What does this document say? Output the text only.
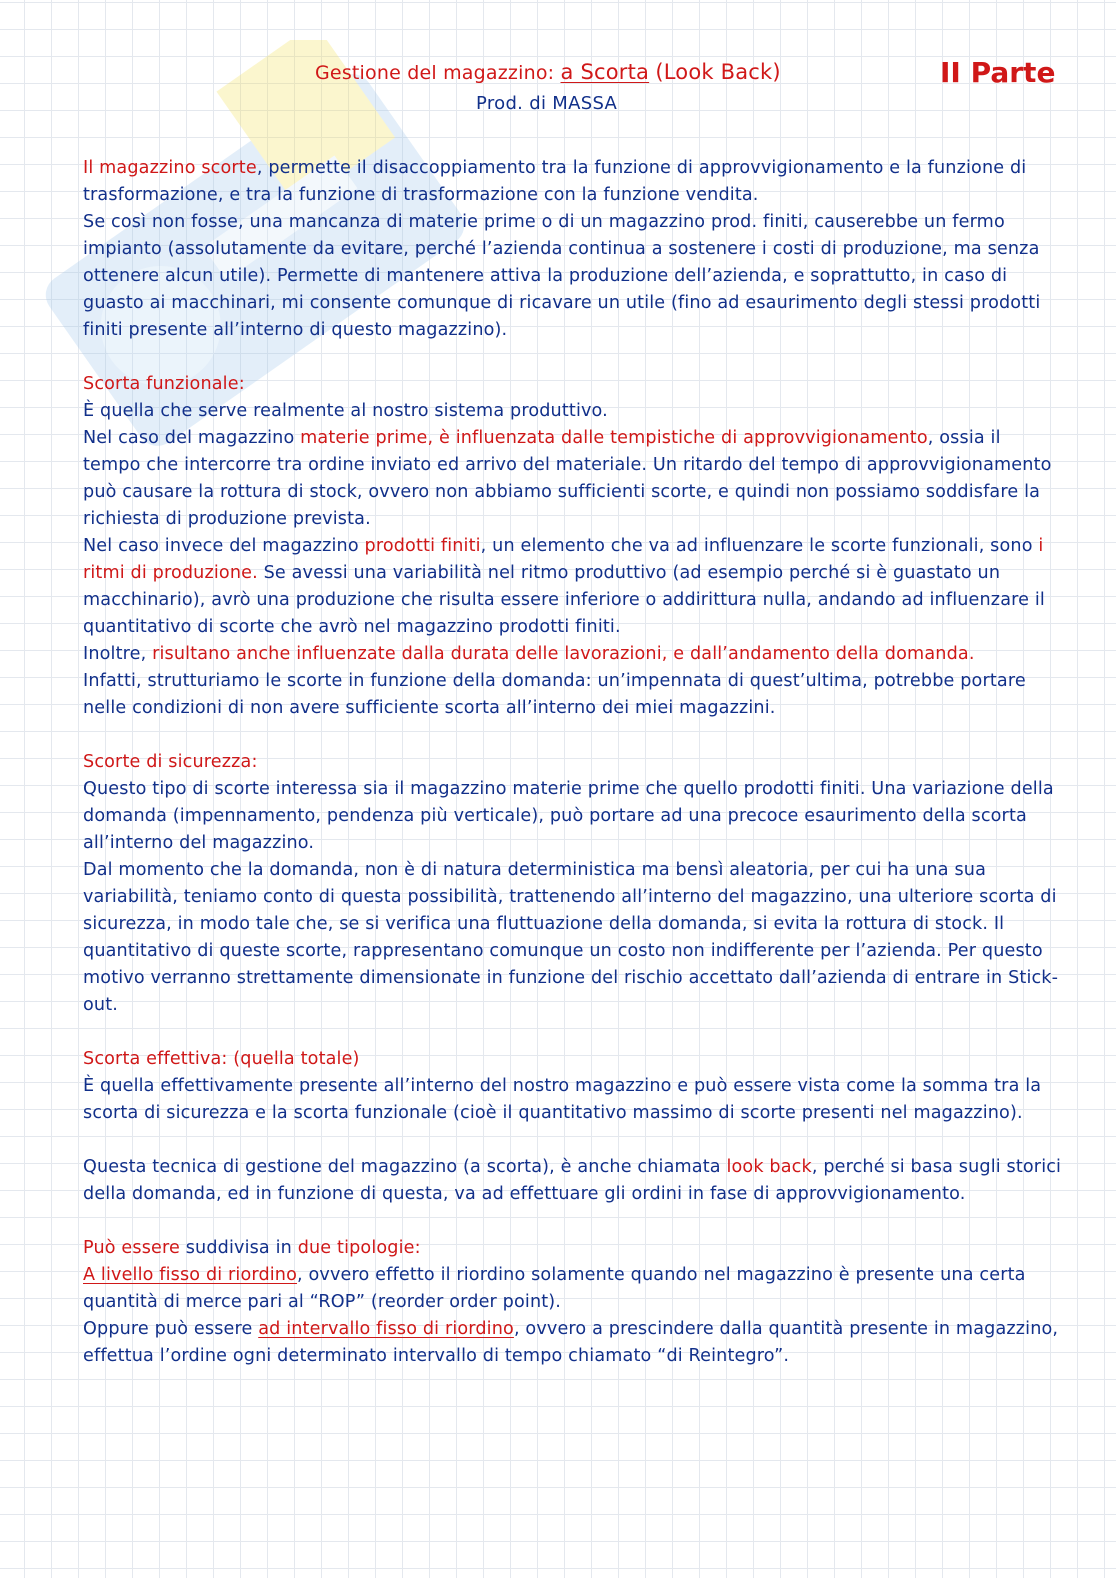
Gestione del magazzino: a Scorta (Look Back)
Prod. di MASSA
II Parte

Il magazzino scorte, permette il disaccoppiamento tra la funzione di approvvigionamento e la funzione di trasformazione, e tra la funzione di trasformazione con la funzione vendita.

Se così non fosse, una mancanza di materie prime o di un magazzino prod. finiti, causerebbe un fermo impianto (assolutamente da evitare, perché l’azienda continua a sostenere i costi di produzione, ma senza ottenere alcun utile). Permette di mantenere attiva la produzione dell’azienda, e soprattutto, in caso di guasto ai macchinari, mi consente comunque di ricavare un utile (fino ad esaurimento degli stessi prodotti finiti presente all’interno di questo magazzino).

Scorta funzionale:

È quella che serve realmente al nostro sistema produttivo.

Nel caso del magazzino materie prime, è influenzata dalle tempistiche di approvvigionamento, ossia il tempo che intercorre tra ordine inviato ed arrivo del materiale. Un ritardo del tempo di approvvigionamento può causare la rottura di stock, ovvero non abbiamo sufficienti scorte, e quindi non possiamo soddisfare la richiesta di produzione prevista.

Nel caso invece del magazzino prodotti finiti, un elemento che va ad influenzare le scorte funzionali, sono i ritmi di produzione. Se avessi una variabilità nel ritmo produttivo (ad esempio perché si è guastato un macchinario), avrò una produzione che risulta essere inferiore o addirittura nulla, andando ad influenzare il quantitativo di scorte che avrò nel magazzino prodotti finiti.

Inoltre, risultano anche influenzate dalla durata delle lavorazioni, e dall’andamento della domanda.

Infatti, strutturiamo le scorte in funzione della domanda: un’impennata di quest’ultima, potrebbe portare nelle condizioni di non avere sufficiente scorta all’interno dei miei magazzini.

Scorte di sicurezza:

Questo tipo di scorte interessa sia il magazzino materie prime che quello prodotti finiti. Una variazione della domanda (impennamento, pendenza più verticale), può portare ad una precoce esaurimento della scorta all’interno del magazzino.

Dal momento che la domanda, non è di natura deterministica ma bensì aleatoria, per cui ha una sua variabilità, teniamo conto di questa possibilità, trattenendo all’interno del magazzino, una ulteriore scorta di sicurezza, in modo tale che, se si verifica una fluttuazione della domanda, si evita la rottura di stock. Il quantitativo di queste scorte, rappresentano comunque un costo non indifferente per l’azienda. Per questo motivo verranno strettamente dimensionate in funzione del rischio accettato dall’azienda di entrare in Stick-out.

Scorta effettiva: (quella totale)

È quella effettivamente presente all’interno del nostro magazzino e può essere vista come la somma tra la scorta di sicurezza e la scorta funzionale (cioè il quantitativo massimo di scorte presenti nel magazzino).

Questa tecnica di gestione del magazzino (a scorta), è anche chiamata look back, perché si basa sugli storici della domanda, ed in funzione di questa, va ad effettuare gli ordini in fase di approvvigionamento.

Può essere suddivisa in due tipologie:

A livello fisso di riordino, ovvero effetto il riordino solamente quando nel magazzino è presente una certa quantità di merce pari al “ROP” (reorder order point).

Oppure può essere ad intervallo fisso di riordino, ovvero a prescindere dalla quantità presente in magazzino, effettua l’ordine ogni determinato intervallo di tempo chiamato “di Reintegro”.
